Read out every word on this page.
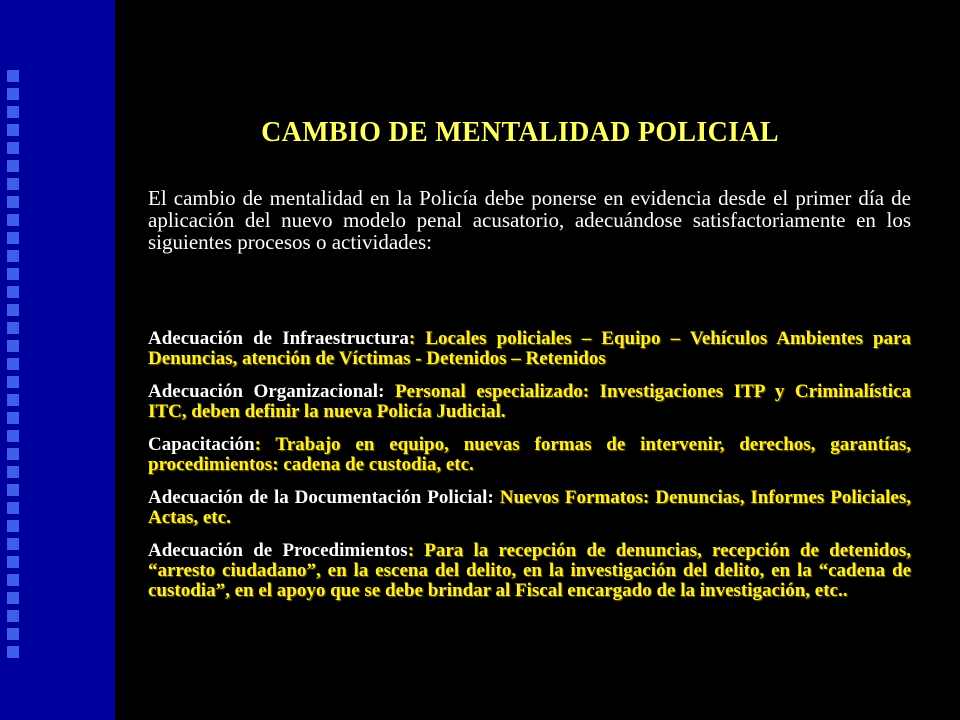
CAMBIO DE MENTALIDAD POLICIAL
El cambio de mentalidad en la Policía debe ponerse en evidencia desde el primer día de aplicación del nuevo modelo penal acusatorio, adecuándose satisfactoriamente en los siguientes procesos o actividades:
Adecuación de Infraestructura: Locales policiales – Equipo – Vehículos Ambientes para Denuncias, atención de Víctimas - Detenidos – Retenidos
Adecuación Organizacional: Personal especializado: Investigaciones ITP y Criminalística ITC, deben definir la nueva Policía Judicial.
Capacitación: Trabajo en equipo, nuevas formas de intervenir, derechos, garantías, procedimientos: cadena de custodia, etc.
Adecuación de la Documentación Policial: Nuevos Formatos: Denuncias, Informes Policiales, Actas, etc.
Adecuación de Procedimientos: Para la recepción de denuncias, recepción de detenidos, “arresto ciudadano”, en la escena del delito, en la investigación del delito, en la “cadena de custodia”, en el apoyo que se debe brindar al Fiscal encargado de la investigación, etc..
